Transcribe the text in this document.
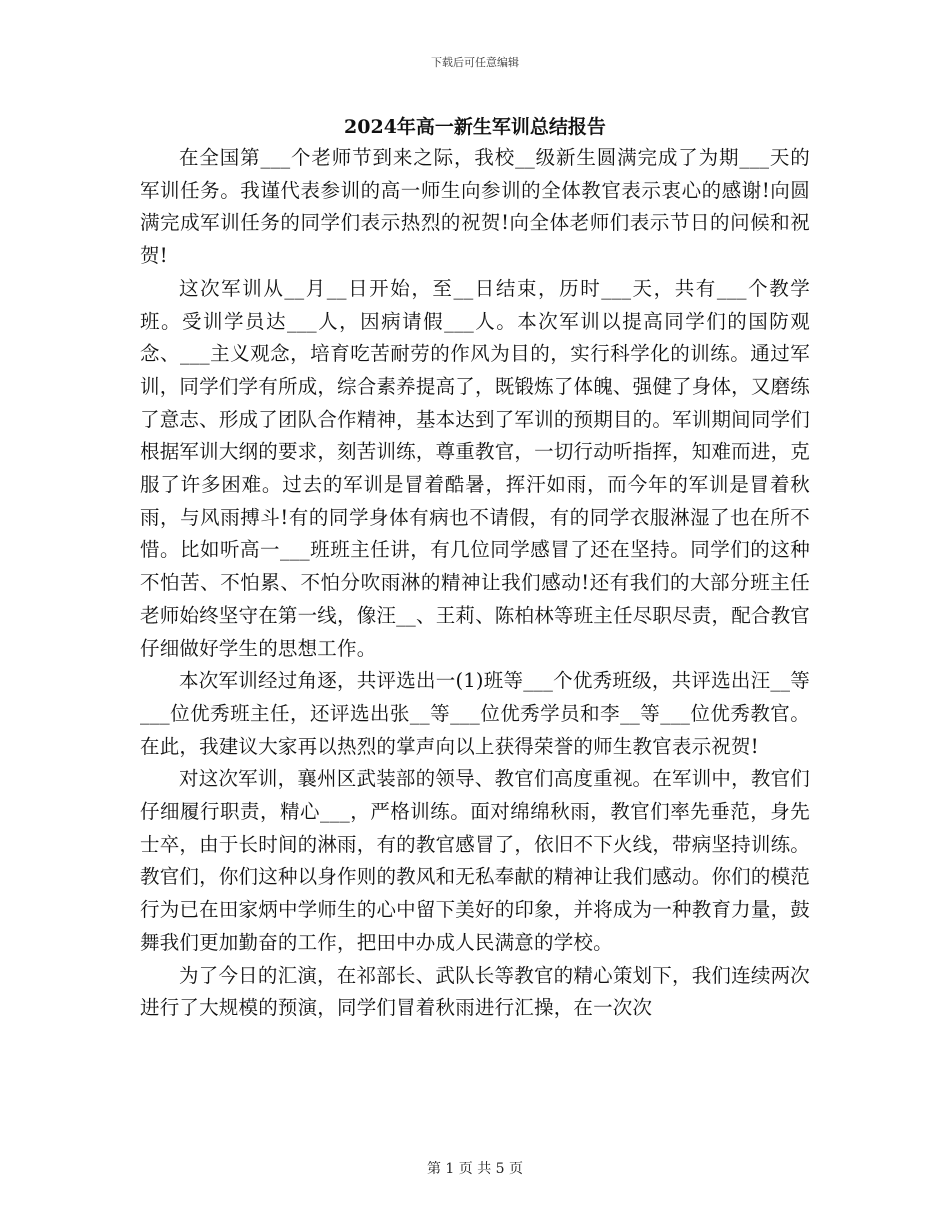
下载后可任意编辑
2024年高一新生军训总结报告

在全国第___个老师节到来之际，我校__级新生圆满完成了为期___天的军训任务。我谨代表参训的高一师生向参训的全体教官表示衷心的感谢!向圆满完成军训任务的同学们表示热烈的祝贺!向全体老师们表示节日的问候和祝贺!

这次军训从__月__日开始，至__日结束，历时___天，共有___个教学班。受训学员达___人，因病请假___人。本次军训以提高同学们的国防观念、___主义观念，培育吃苦耐劳的作风为目的，实行科学化的训练。通过军训，同学们学有所成，综合素养提高了，既锻炼了体魄、强健了身体，又磨练了意志、形成了团队合作精神，基本达到了军训的预期目的。军训期间同学们根据军训大纲的要求，刻苦训练，尊重教官，一切行动听指挥，知难而进，克服了许多困难。过去的军训是冒着酷暑，挥汗如雨，而今年的军训是冒着秋雨，与风雨搏斗!有的同学身体有病也不请假，有的同学衣服淋湿了也在所不惜。比如听高一___班班主任讲，有几位同学感冒了还在坚持。同学们的这种不怕苦、不怕累、不怕分吹雨淋的精神让我们感动!还有我们的大部分班主任老师始终坚守在第一线，像汪__、王莉、陈柏林等班主任尽职尽责，配合教官仔细做好学生的思想工作。

本次军训经过角逐，共评选出一(1)班等___个优秀班级，共评选出汪__等___位优秀班主任，还评选出张__等___位优秀学员和李__等___位优秀教官。在此，我建议大家再以热烈的掌声向以上获得荣誉的师生教官表示祝贺!

对这次军训，襄州区武装部的领导、教官们高度重视。在军训中，教官们仔细履行职责，精心___，严格训练。面对绵绵秋雨，教官们率先垂范，身先士卒，由于长时间的淋雨，有的教官感冒了，依旧不下火线，带病坚持训练。教官们，你们这种以身作则的教风和无私奉献的精神让我们感动。你们的模范行为已在田家炳中学师生的心中留下美好的印象，并将成为一种教育力量，鼓舞我们更加勤奋的工作，把田中办成人民满意的学校。

为了今日的汇演，在祁部长、武队长等教官的精心策划下，我们连续两次进行了大规模的预演，同学们冒着秋雨进行汇操，在一次次

第 1 页 共 5 页
